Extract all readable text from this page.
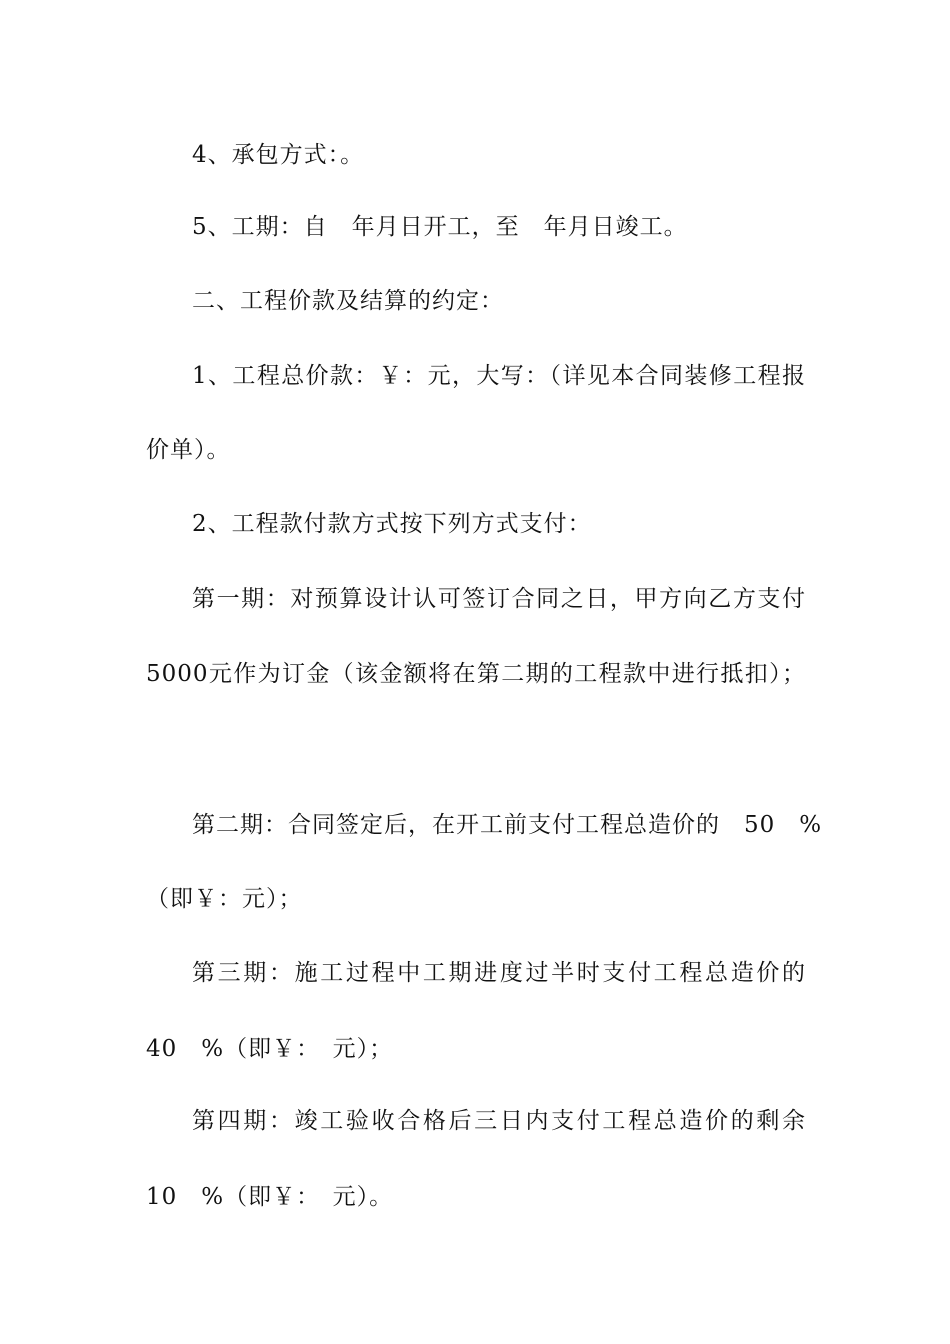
4、承包方式：。
5、工期：自　年月日开工，至　年月日竣工。
二、工程价款及结算的约定：
1、工程总价款：￥：元，大写：（详见本合同装修工程报
价单）。
2、工程款付款方式按下列方式支付：
第一期：对预算设计认可签订合同之日，甲方向乙方支付
5000元作为订金（该金额将在第二期的工程款中进行抵扣）；
第二期：合同签定后，在开工前支付工程总造价的　50　%
（即￥：元）；
第三期：施工过程中工期进度过半时支付工程总造价的
40　%（即￥：　元）；
第四期：竣工验收合格后三日内支付工程总造价的剩余
10　%（即￥：　元）。
